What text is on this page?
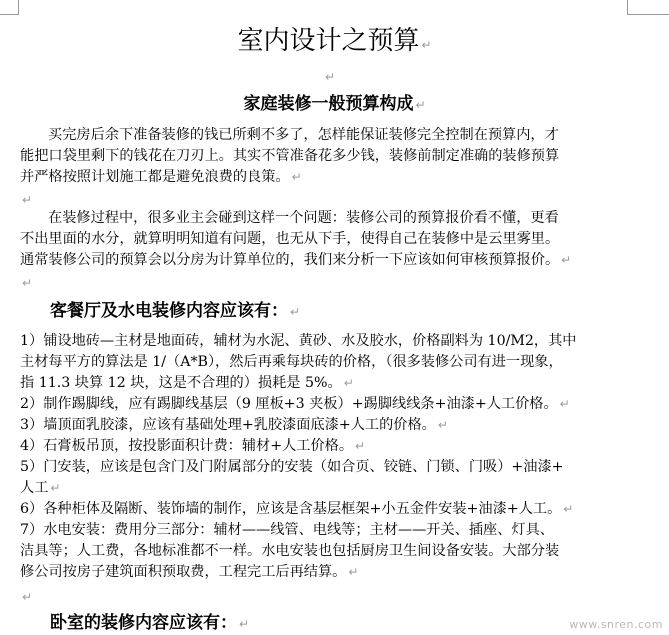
室内设计之预算 ↵
↵
家庭装修一般预算构成 ↵
买完房后余下准备装修的钱已所剩不多了，怎样能保证装修完全控制在预算内，才
能把口袋里剩下的钱花在刀刃上。其实不管准备花多少钱，装修前制定准确的装修预算
并严格按照计划施工都是避免浪费的良策。 ↵
↵
在装修过程中，很多业主会碰到这样一个问题：装修公司的预算报价看不懂，更看
不出里面的水分，就算明明知道有问题，也无从下手，使得自己在装修中是云里雾里。
通常装修公司的预算会以分房为计算单位的，我们来分析一下应该如何审核预算报价。 ↵
↵
客餐厅及水电装修内容应该有： ↵
1）铺设地砖—主材是地面砖，辅材为水泥、黄砂、水及胶水，价格副料为 10/M2，其中
主材每平方的算法是 1/（A*B），然后再乘每块砖的价格，（很多装修公司有进一现象，
指 11.3 块算 12 块，这是不合理的）损耗是 5%。 ↵
2）制作踢脚线，应有踢脚线基层（9 厘板+3 夹板）+踢脚线线条+油漆+人工价格。 ↵
3）墙顶面乳胶漆，应该有基础处理+乳胶漆面底漆+人工的价格。 ↵
4）石膏板吊顶，按投影面积计费：辅材+人工价格。 ↵
5）门安装，应该是包含门及门附属部分的安装（如合页、铰链、门锁、门吸）+油漆+
人工 ↵
6）各种柜体及隔断、装饰墙的制作，应该是含基层框架+小五金件安装+油漆+人工。 ↵
7）水电安装：费用分三部分：辅材——线管、电线等；主材——开关、插座、灯具、
洁具等；人工费，各地标准都不一样。水电安装也包括厨房卫生间设备安装。大部分装
修公司按房子建筑面积预取费，工程完工后再结算。 ↵
↵
卧室的装修内容应该有： ↵	www.snren.com
